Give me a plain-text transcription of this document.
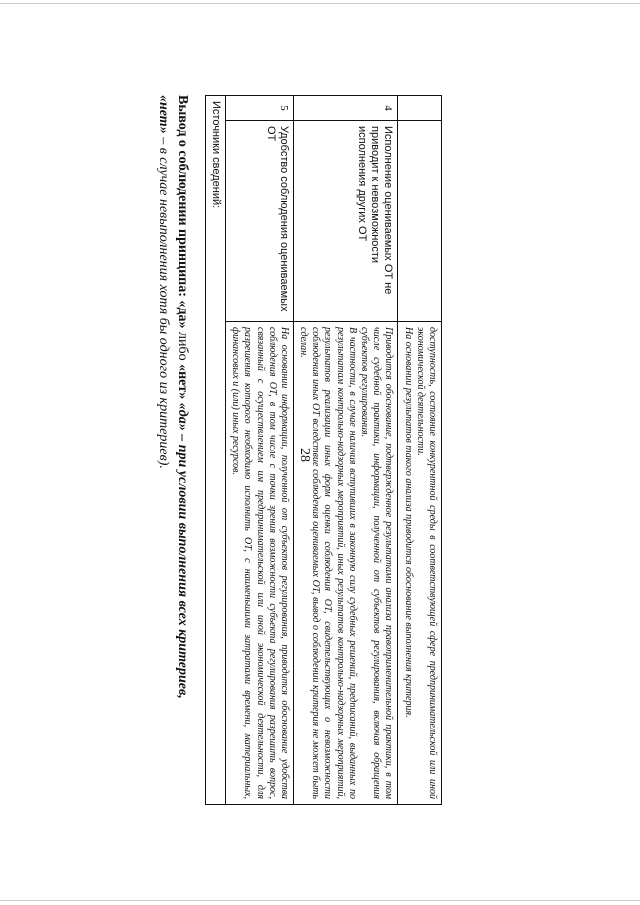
28

		доступность, состояние конкурентной среды в соответствующей сфере предпринимательской или иной экономической деятельности.

На основании результатов такого анализа приводится обоснование выполнения критерия.

4	Исполнение оцениваемых ОТ не приводит к невозможности исполнения других ОТ	Приводится обоснование, подтвержденное результатами анализа правоприменительной практики, в том числе судебной практики, информации, полученной от субъектов регулирования, включая обращения субъектов регулирования.

В частности, в случае наличия вступивших в законную силу судебных решений, предписаний, выданных по результатам контрольно-надзорных мероприятий, иных результатов контрольно-надзорных мероприятий, результатов реализации иных форм оценки соблюдения ОТ, свидетельствующих о невозможности соблюдения иных ОТ вследствие соблюдения оцениваемых ОТ, вывод о соблюдении критерия не может быть сделан.

5	Удобство соблюдения оцениваемых ОТ	На основании информации, полученной от субъектов регулирования, приводится обоснование удобства соблюдения ОТ, в том числе с точки зрения возможности субъекта регулирования разрешить вопрос, связанный с осуществлением им предпринимательской или иной экономической деятельности, для разрешения которого необходимо исполнить ОТ, с наименьшими затратами времени, материальных, финансовых и (или) иных ресурсов.

Источники сведений:		
Вывод о соблюдении принципа: «да» либо «нет» «да» – при условии выполнения всех критериев,
«нет» – в случае невыполнения хотя бы одного из критериев).
